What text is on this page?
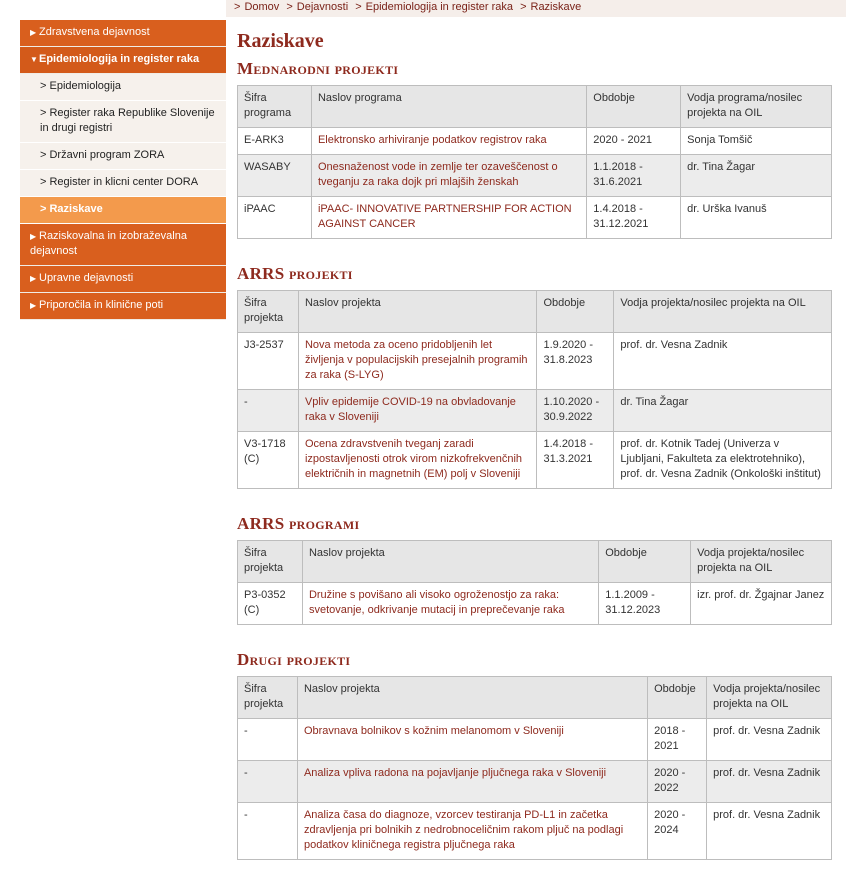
> Domov > Dejavnosti > Epidemiologija in register raka > Raziskave
▶ Zdravstvena dejavnost
▼Epidemiologija in register raka
> Epidemiologija
> Register raka Republike Slovenije in drugi registri
> Državni program ZORA
> Register in klicni center DORA
> Raziskave
▶ Raziskovalna in izobraževalna dejavnost
▶ Upravne dejavnosti
▶ Priporočila in klinične poti
Raziskave
Mednarodni projekti
Šifra programa	Naslov programa	Obdobje	Vodja programa/nosilec projekta na OIL
E-ARK3	Elektronsko arhiviranje podatkov registrov raka	2020 - 2021	Sonja Tomšič
WASABY	Onesnaženost vode in zemlje ter ozaveščenost o tveganju za raka dojk pri mlajših ženskah	1.1.2018 - 31.6.2021	dr. Tina Žagar
iPAAC	iPAAC- INNOVATIVE PARTNERSHIP FOR ACTION AGAINST CANCER	1.4.2018 - 31.12.2021	dr. Urška Ivanuš
ARRS projekti
Šifra projekta	Naslov projekta	Obdobje	Vodja projekta/nosilec projekta na OIL
J3-2537	Nova metoda za oceno pridobljenih let življenja v populacijskih presejalnih programih za raka (S-LYG)	1.9.2020 - 31.8.2023	prof. dr. Vesna Zadnik
-	Vpliv epidemije COVID-19 na obvladovanje raka v Sloveniji	1.10.2020 - 30.9.2022	dr. Tina Žagar
V3-1718 (C)	Ocena zdravstvenih tveganj zaradi izpostavljenosti otrok virom nizkofrekvenčnih električnih in magnetnih (EM) polj v Sloveniji	1.4.2018 - 31.3.2021	prof. dr. Kotnik Tadej (Univerza v Ljubljani, Fakulteta za elektrotehniko), prof. dr. Vesna Zadnik (Onkološki inštitut)
ARRS programi
Šifra projekta	Naslov projekta	Obdobje	Vodja projekta/nosilec projekta na OIL
P3-0352 (C)	Družine s povišano ali visoko ogroženostjo za raka: svetovanje, odkrivanje mutacij in preprečevanje raka	1.1.2009 - 31.12.2023	izr. prof. dr. Žgajnar Janez
Drugi projekti
Šifra projekta	Naslov projekta	Obdobje	Vodja projekta/nosilec projekta na OIL
-	Obravnava bolnikov s kožnim melanomom v Sloveniji	2018 - 2021	prof. dr. Vesna Zadnik
-	Analiza vpliva radona na pojavljanje pljučnega raka v Sloveniji	2020 - 2022	prof. dr. Vesna Zadnik
-	Analiza časa do diagnoze, vzorcev testiranja PD-L1 in začetka zdravljenja pri bolnikih z nedrobnoceličnim rakom pljuč na podlagi podatkov kliničnega registra pljučnega raka	2020 - 2024	prof. dr. Vesna Zadnik
